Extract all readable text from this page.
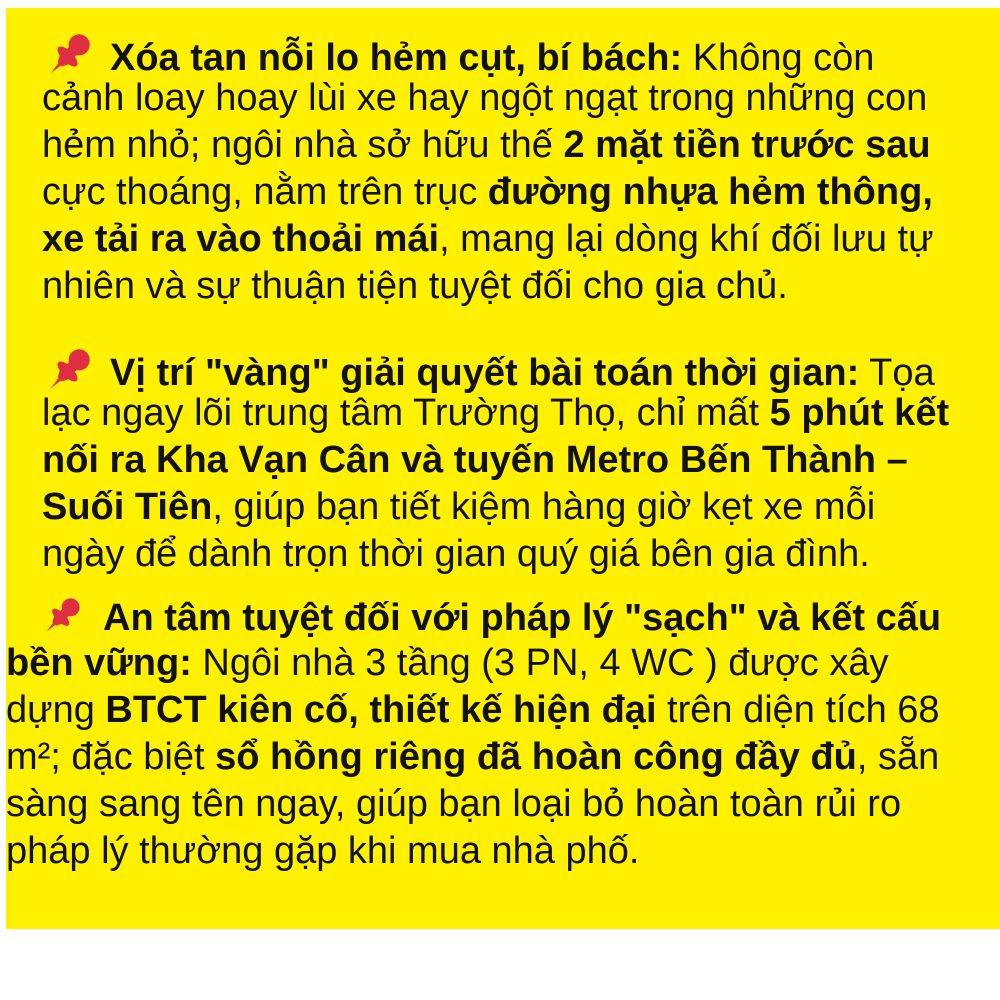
Xóa tan nỗi lo hẻm cụt, bí bách: Không còn
cảnh loay hoay lùi xe hay ngột ngạt trong những con
hẻm nhỏ; ngôi nhà sở hữu thế 2 mặt tiền trước sau
cực thoáng, nằm trên trục đường nhựa hẻm thông,
xe tải ra vào thoải mái, mang lại dòng khí đối lưu tự
nhiên và sự thuận tiện tuyệt đối cho gia chủ.
Vị trí "vàng" giải quyết bài toán thời gian: Tọa
lạc ngay lõi trung tâm Trường Thọ, chỉ mất 5 phút kết
nối ra Kha Vạn Cân và tuyến Metro Bến Thành –
Suối Tiên, giúp bạn tiết kiệm hàng giờ kẹt xe mỗi
ngày để dành trọn thời gian quý giá bên gia đình.
An tâm tuyệt đối với pháp lý "sạch" và kết cấu
bền vững: Ngôi nhà 3 tầng (3 PN, 4 WC ) được xây
dựng BTCT kiên cố, thiết kế hiện đại trên diện tích 68
m²; đặc biệt sổ hồng riêng đã hoàn công đầy đủ, sẵn
sàng sang tên ngay, giúp bạn loại bỏ hoàn toàn rủi ro
pháp lý thường gặp khi mua nhà phố.
